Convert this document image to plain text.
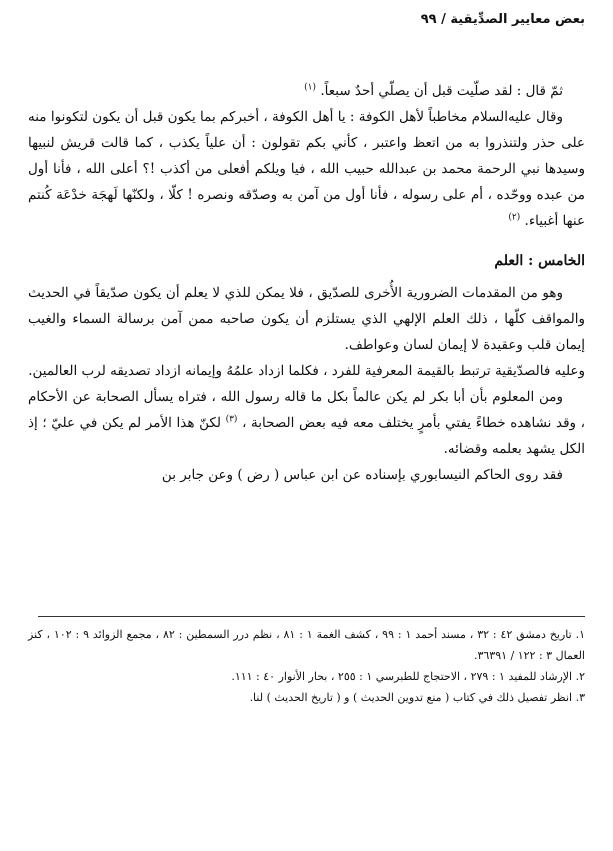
بعض معايير الصدِّيقية / ٩٩

ثمّ قال : لقد صلّيت قبل أن يصلّي أحدٌ سبعاً. $^{(١)}$

وقال عليه‌السلام مخاطباً لأهل الكوفة : يا أهل الكوفة ، أخبركم بما يكون قبل أن يكون لتكونوا منه على حذر ولتنذروا به من اتعظ واعتبر ، كأني بكم تقولون : أن علياً يكذب ، كما قالت قريش لنبيها وسيدها نبي الرحمة محمد بن عبدالله حبيب الله ، فيا ويلكم أفعلى من أكذب !؟ أعلى الله ، فأنا أول من عبده ووحّده ، أم على رسوله ، فأنا أول من آمن به وصدّقه ونصره ! كلّا ، ولكنّها لَهجَة خدْعَة كُنتم عنها أغبياء. $^{(٢)}$

الخامس : العلم

وهو من المقدمات الضرورية الأُخرى للصدّيق ، فلا يمكن للذي لا يعلم أن يكون صدّيقاً في الحديث والمواقف كلّها ، ذلك العلم الإلهي الذي يستلزم أن يكون صاحبه ممن آمن برسالة السماء والغيب إيمان قلب وعقيدة لا إيمان لسان وعواطف.

وعليه فالصدّيقية ترتبط بالقيمة المعرفية للفرد ، فكلما ازداد علمُهُ وإيمانه ازداد تصديقه لرب العالمين.

ومن المعلوم بأن أبا بكر لم يكن عالماً بكل ما قاله رسول الله ، فتراه يسأل الصحابة عن الأحكام ، وقد نشاهده خطاءً يفتي بأمرٍ يختلف معه فيه بعض الصحابة ، $^{(٣)}$ لكنّ هذا الأمر لم يكن في عليّ ؛ إذ الكل يشهد بعلمه وقضائه.

فقد روى الحاكم النيسابوري بإسناده عن ابن عباس ( رض ) وعن جابر بن

١. تاريخ دمشق ٤٢ : ٣٢ ، مسند أحمد ١ : ٩٩ ، كشف الغمة ١ : ٨١ ، نظم درر السمطين : ٨٢ ، مجمع الزوائد ٩ : ١٠٢ ، كنز العمال ٣ : ١٢٢ / ٣٦٣٩١.

٢. الإرشاد للمفيد ١ : ٢٧٩ ، الاحتجاج للطبرسي ١ : ٢٥٥ ، بحار الأنوار ٤٠ : ١١١.

٣. انظر تفصيل ذلك في كتاب ( منع تدوين الحديث ) و ( تاريخ الحديث ) لنا.
